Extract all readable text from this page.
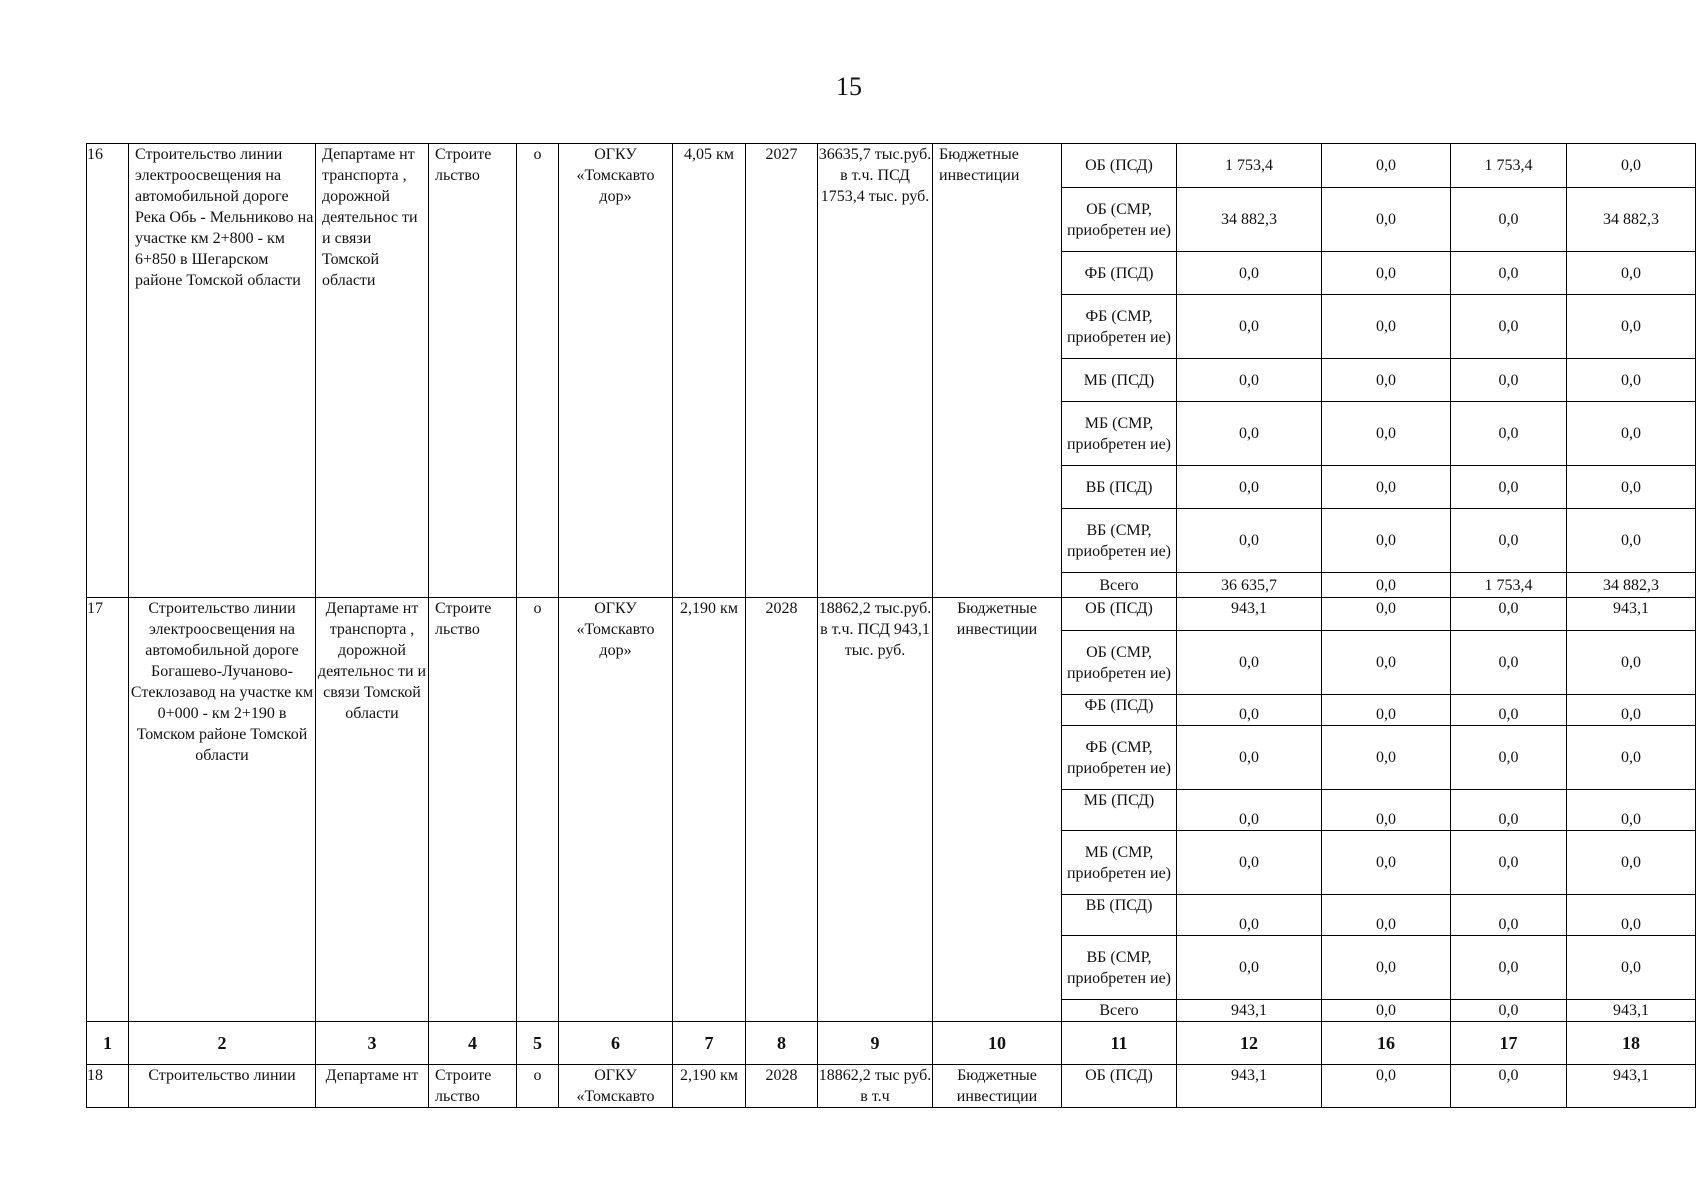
15
16	Строительство линии электроосвещения на автомобильной дороге Река Обь - Мельниково на участке км 2+800 - км 6+850 в Шегарском районе Томской области	Департаме нт транспорта , дорожной деятельнос ти и связи Томской области	Строите льство	о	ОГКУ «Томскавто дор»	4,05 км	2027	36635,7 тыс.руб. в т.ч. ПСД 1753,4 тыс. руб.	Бюджетные инвестиции	ОБ (ПСД)	1 753,4	0,0	1 753,4	0,0
										ОБ (СМР, приобретен ие)	34 882,3	0,0	0,0	34 882,3
										ФБ (ПСД)	0,0	0,0	0,0	0,0
										ФБ (СМР, приобретен ие)	0,0	0,0	0,0	0,0
										МБ (ПСД)	0,0	0,0	0,0	0,0
										МБ (СМР, приобретен ие)	0,0	0,0	0,0	0,0
										ВБ (ПСД)	0,0	0,0	0,0	0,0
										ВБ (СМР, приобретен ие)	0,0	0,0	0,0	0,0
										Всего	36 635,7	0,0	1 753,4	34 882,3

17	Строительство линии электроосвещения на автомобильной дороге Богашево-Лучаново-Стеклозавод на участке км 0+000 - км 2+190 в Томском районе Томской области	Департаме нт транспорта , дорожной деятельнос ти и связи Томской области	Строите льство	о	ОГКУ «Томскавто дор»	2,190 км	2028	18862,2 тыс.руб. в т.ч. ПСД 943,1 тыс. руб.	Бюджетные инвестиции	ОБ (ПСД)	943,1	0,0	0,0	943,1
										ОБ (СМР, приобретен ие)	0,0	0,0	0,0	0,0
										ФБ (ПСД)	0,0	0,0	0,0	0,0
										ФБ (СМР, приобретен ие)	0,0	0,0	0,0	0,0
										МБ (ПСД)	0,0	0,0	0,0	0,0
										МБ (СМР, приобретен ие)	0,0	0,0	0,0	0,0
										ВБ (ПСД)	0,0	0,0	0,0	0,0
										ВБ (СМР, приобретен ие)	0,0	0,0	0,0	0,0
										Всего	943,1	0,0	0,0	943,1
1	2	3	4	5	6	7	8	9	10	11	12	16	17	18

18	Строительство линии	Департаме нт	Строите льство	о	ОГКУ «Томскавто	2,190 км	2028	18862,2 тыс руб. в т.ч	Бюджетные инвестиции	ОБ (ПСД)	943,1	0,0	0,0	943,1
